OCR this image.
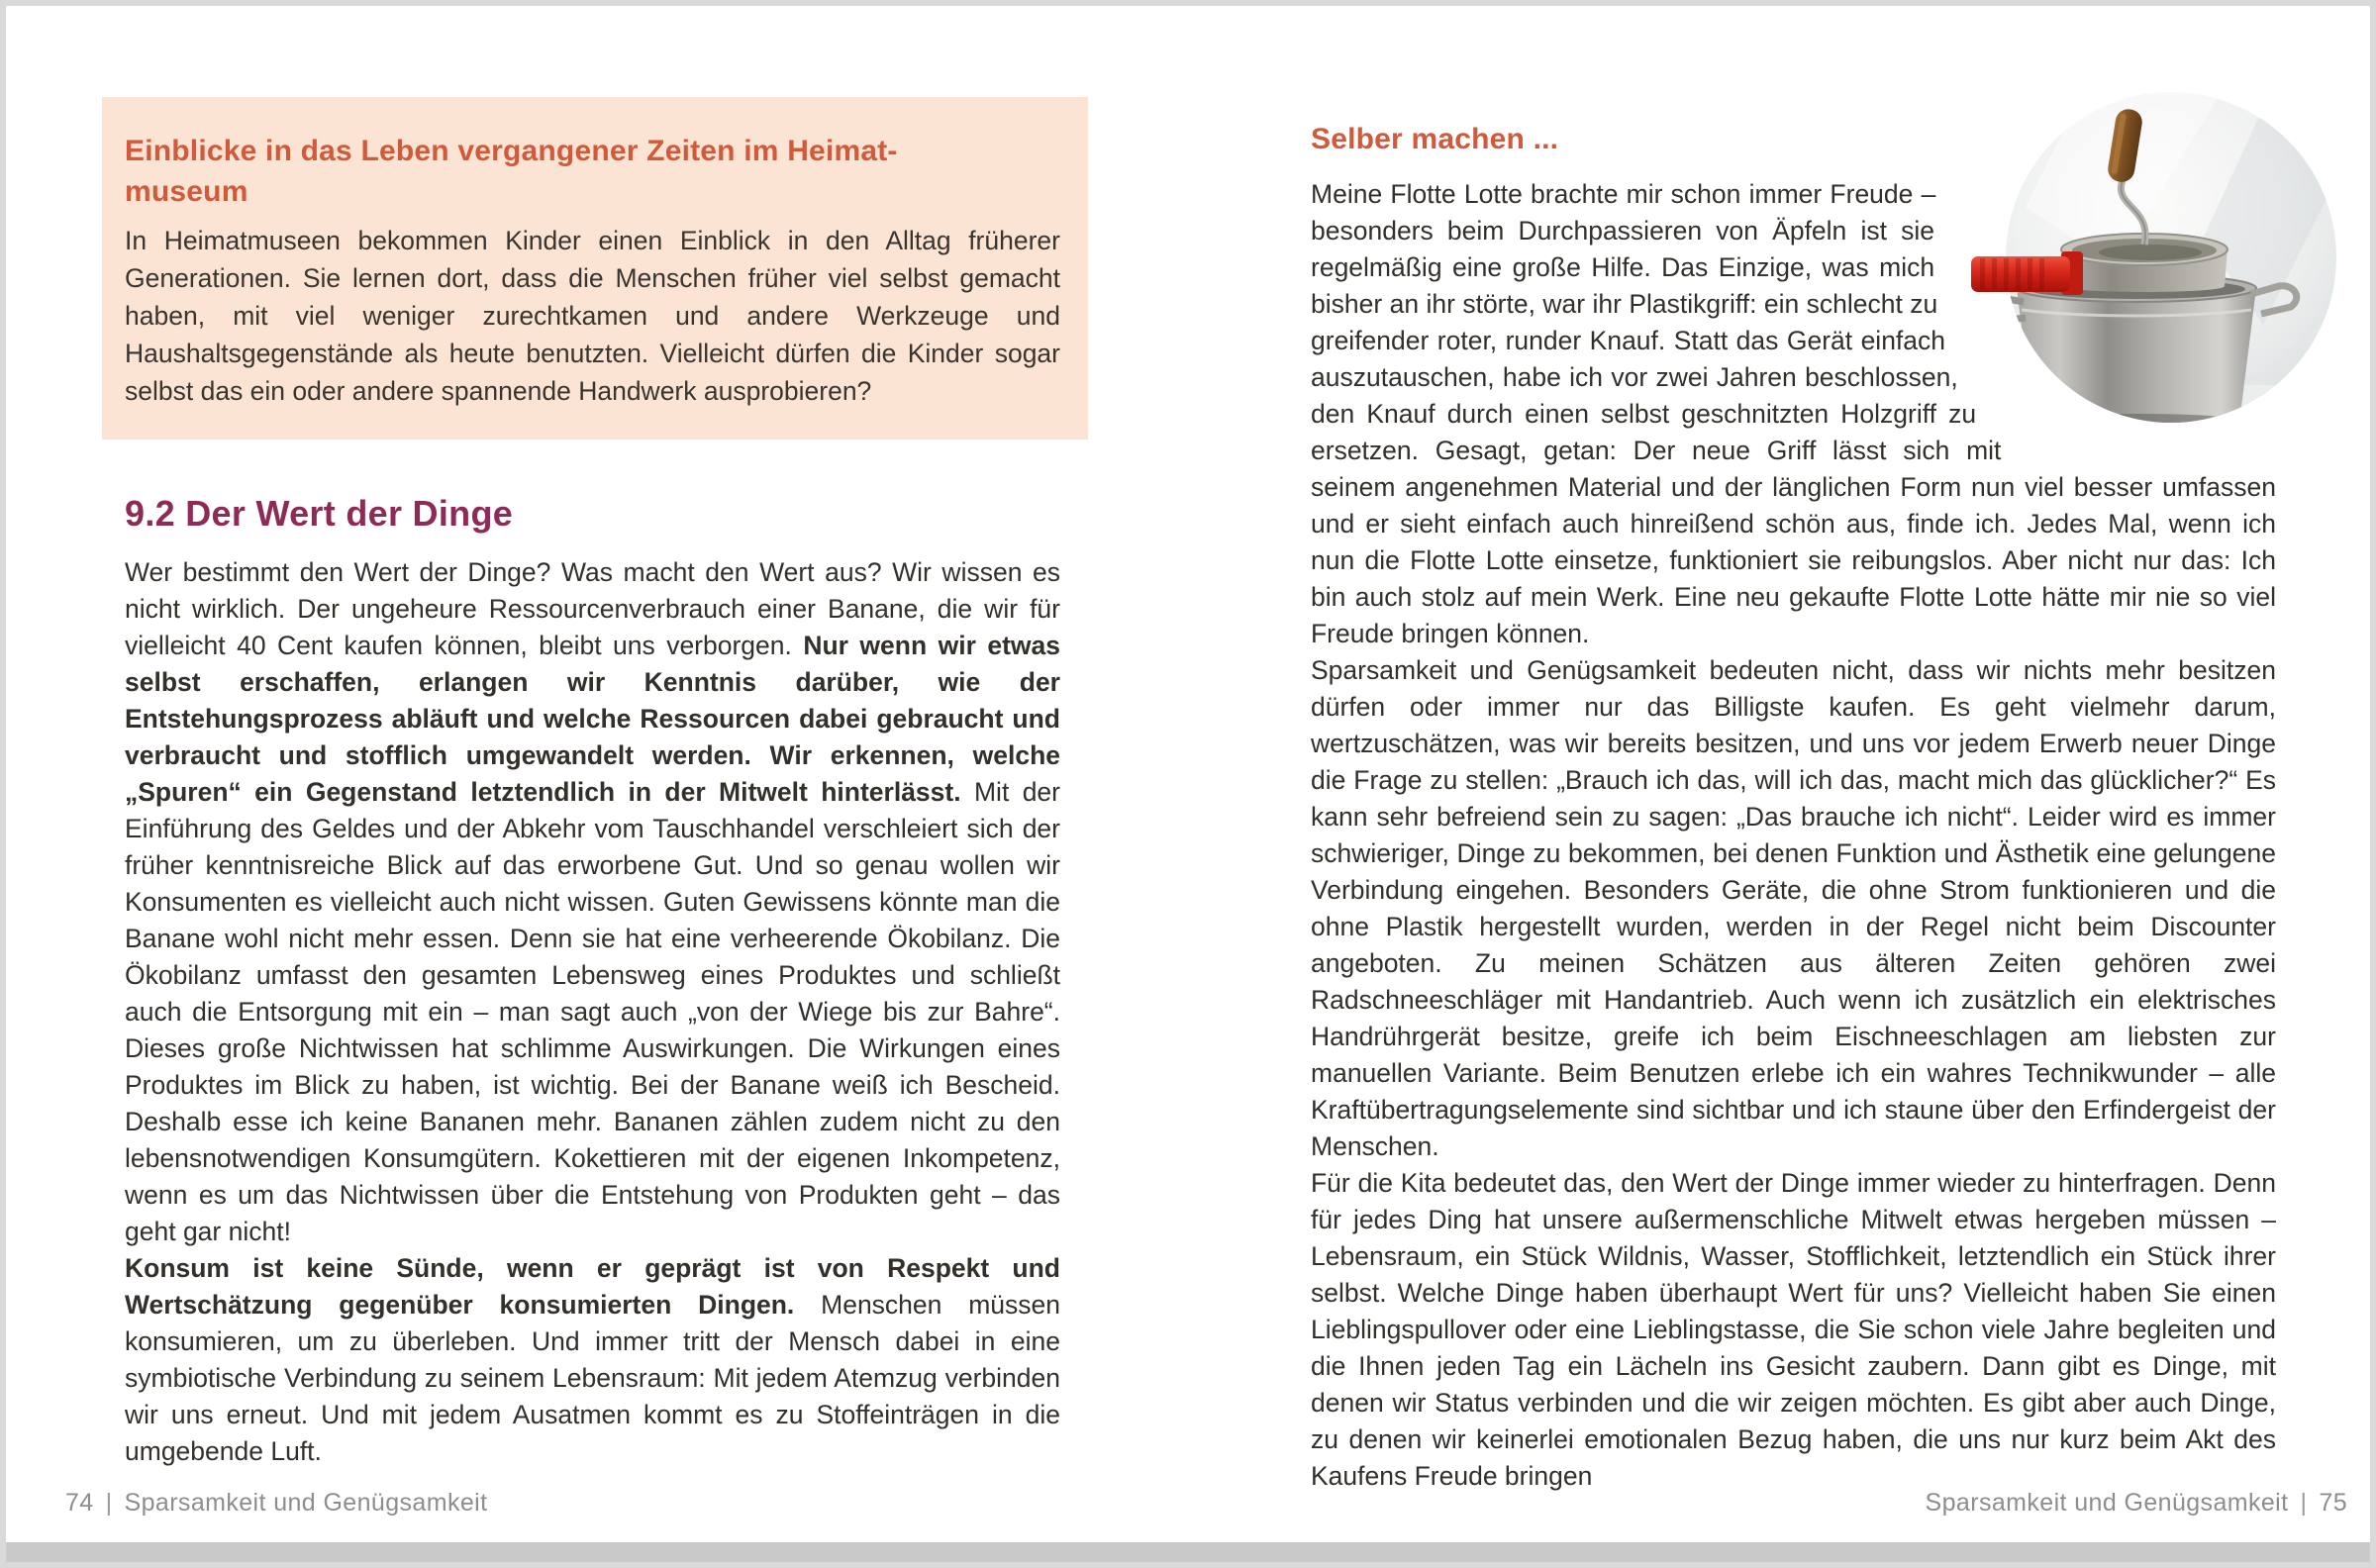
Einblicke in das Leben vergangener Zeiten im Heimat-
museum

In Heimatmuseen bekommen Kinder einen Einblick in den Alltag früherer Generationen. Sie lernen dort, dass die Menschen früher viel selbst gemacht haben, mit viel weniger zurechtkamen und andere Werkzeuge und Haushaltsgegenstände als heute benutzten. Vielleicht dürfen die Kinder sogar selbst das ein oder andere spannende Handwerk ausprobieren?

9.2 Der Wert der Dinge

Wer bestimmt den Wert der Dinge? Was macht den Wert aus? Wir wissen es nicht wirklich. Der ungeheure Ressourcenverbrauch einer Banane, die wir für vielleicht 40 Cent kaufen können, bleibt uns verborgen. Nur wenn wir etwas selbst erschaffen, erlangen wir Kenntnis darüber, wie der Entstehungsprozess abläuft und welche Ressourcen dabei gebraucht und verbraucht und stofflich umgewandelt werden. Wir erkennen, welche „Spuren“ ein Gegenstand letztendlich in der Mitwelt hinterlässt. Mit der Einführung des Geldes und der Abkehr vom Tauschhandel verschleiert sich der früher kenntnisreiche Blick auf das erworbene Gut. Und so genau wollen wir Konsumenten es vielleicht auch nicht wissen. Guten Gewissens könnte man die Banane wohl nicht mehr essen. Denn sie hat eine verheerende Ökobilanz. Die Ökobilanz umfasst den gesamten Lebensweg eines Produktes und schließt auch die Entsorgung mit ein – man sagt auch „von der Wiege bis zur Bahre“. Dieses große Nichtwissen hat schlimme Auswirkungen. Die Wirkungen eines Produktes im Blick zu haben, ist wichtig. Bei der Banane weiß ich Bescheid. Deshalb esse ich keine Bananen mehr. Bananen zählen zudem nicht zu den lebensnotwendigen Konsumgütern. Kokettieren mit der eigenen Inkompetenz, wenn es um das Nichtwissen über die Entstehung von Produkten geht – das geht gar nicht!

Konsum ist keine Sünde, wenn er geprägt ist von Respekt und Wertschätzung gegenüber konsumierten Dingen. Menschen müssen konsumieren, um zu überleben. Und immer tritt der Mensch dabei in eine symbiotische Verbindung zu seinem Lebensraum: Mit jedem Atemzug verbinden wir uns erneut. Und mit jedem Ausatmen kommt es zu Stoffeinträgen in die umgebende Luft.

74 | Sparsamkeit und Genügsamkeit
Selber machen ...

Meine Flotte Lotte brachte mir schon immer Freude – besonders beim Durchpassieren von Äpfeln ist sie regelmäßig eine große Hilfe. Das Einzige, was mich bisher an ihr störte, war ihr Plastikgriff: ein schlecht zu greifender roter, runder Knauf. Statt das Gerät einfach auszutauschen, habe ich vor zwei Jahren beschlossen, den Knauf durch einen selbst geschnitzten Holzgriff zu ersetzen. Gesagt, getan: Der neue Griff lässt sich mit seinem angenehmen Material und der länglichen Form nun viel besser umfassen und er sieht einfach auch hinreißend schön aus, finde ich. Jedes Mal, wenn ich nun die Flotte Lotte einsetze, funktioniert sie reibungslos. Aber nicht nur das: Ich bin auch stolz auf mein Werk. Eine neu gekaufte Flotte Lotte hätte mir nie so viel Freude bringen können.

Sparsamkeit und Genügsamkeit bedeuten nicht, dass wir nichts mehr besitzen dürfen oder immer nur das Billigste kaufen. Es geht vielmehr darum, wertzuschätzen, was wir bereits besitzen, und uns vor jedem Erwerb neuer Dinge die Frage zu stellen: „Brauch ich das, will ich das, macht mich das glücklicher?“ Es kann sehr befreiend sein zu sagen: „Das brauche ich nicht“. Leider wird es immer schwieriger, Dinge zu bekommen, bei denen Funktion und Ästhetik eine gelungene Verbindung eingehen. Besonders Geräte, die ohne Strom funktionieren und die ohne Plastik hergestellt wurden, werden in der Regel nicht beim Discounter angeboten. Zu meinen Schätzen aus älteren Zeiten gehören zwei Radschneeschläger mit Handantrieb. Auch wenn ich zusätzlich ein elektrisches Handrührgerät besitze, greife ich beim Eischneeschlagen am liebsten zur manuellen Variante. Beim Benutzen erlebe ich ein wahres Technikwunder – alle Kraftübertragungselemente sind sichtbar und ich staune über den Erfindergeist der Menschen.

Für die Kita bedeutet das, den Wert der Dinge immer wieder zu hinterfragen. Denn für jedes Ding hat unsere außermenschliche Mitwelt etwas hergeben müssen – Lebensraum, ein Stück Wildnis, Wasser, Stofflichkeit, letztendlich ein Stück ihrer selbst. Welche Dinge haben überhaupt Wert für uns? Vielleicht haben Sie einen Lieblingspullover oder eine Lieblingstasse, die Sie schon viele Jahre begleiten und die Ihnen jeden Tag ein Lächeln ins Gesicht zaubern. Dann gibt es Dinge, mit denen wir Status verbinden und die wir zeigen möchten. Es gibt aber auch Dinge, zu denen wir keinerlei emotionalen Bezug haben, die uns nur kurz beim Akt des Kaufens Freude bringen

Sparsamkeit und Genügsamkeit | 75
